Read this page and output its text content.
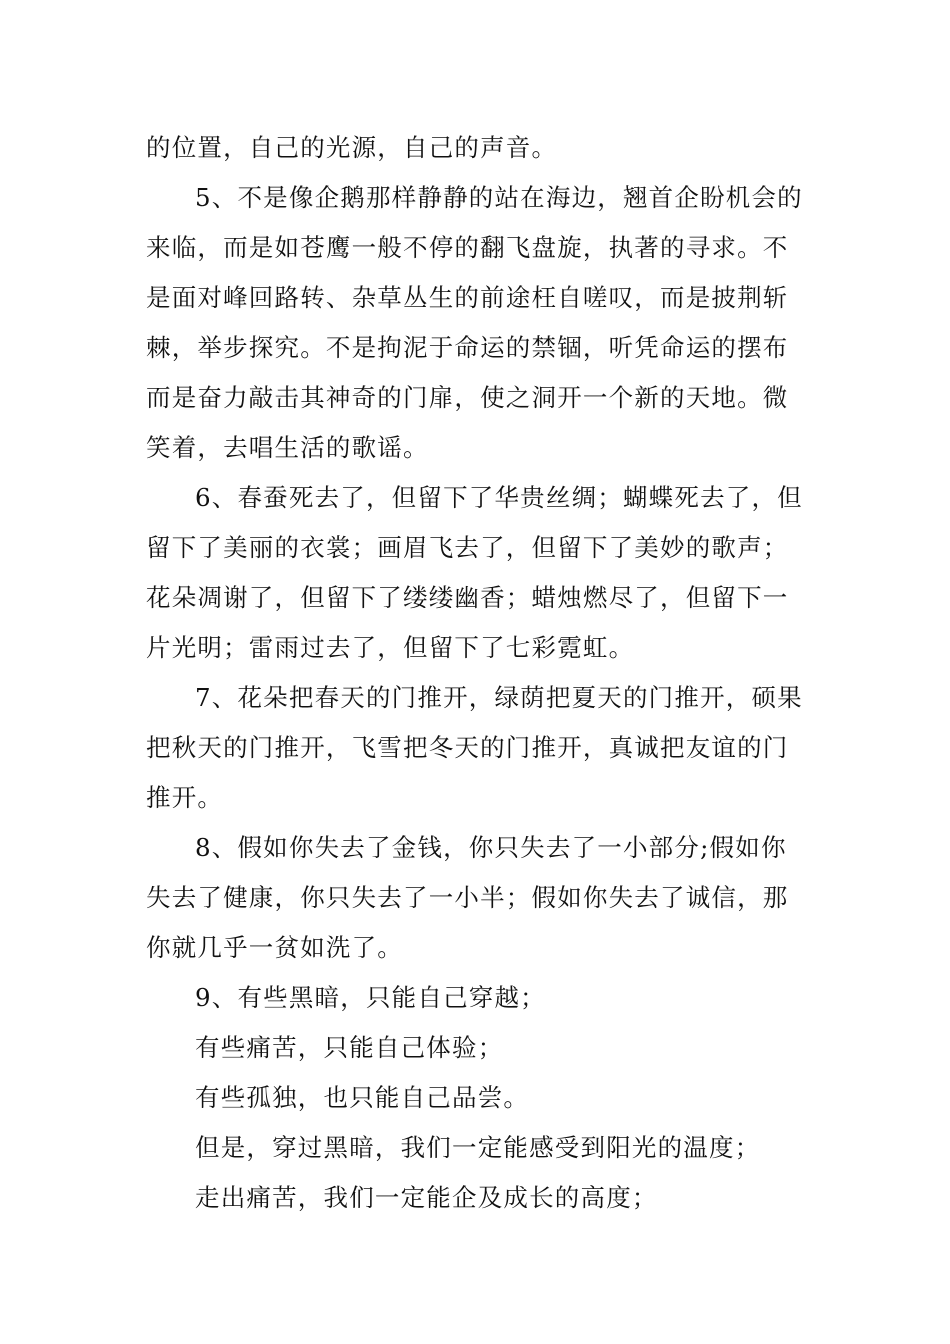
的位置，自己的光源，自己的声音。
5、不是像企鹅那样静静的站在海边，翘首企盼机会的
来临，而是如苍鹰一般不停的翻飞盘旋，执著的寻求。不
是面对峰回路转、杂草丛生的前途枉自嗟叹，而是披荆斩
棘，举步探究。不是拘泥于命运的禁锢，听凭命运的摆布
而是奋力敲击其神奇的门扉，使之洞开一个新的天地。微
笑着，去唱生活的歌谣。
6、春蚕死去了，但留下了华贵丝绸；蝴蝶死去了，但
留下了美丽的衣裳；画眉飞去了，但留下了美妙的歌声；
花朵凋谢了，但留下了缕缕幽香；蜡烛燃尽了，但留下一
片光明；雷雨过去了，但留下了七彩霓虹。
7、花朵把春天的门推开，绿荫把夏天的门推开，硕果
把秋天的门推开，飞雪把冬天的门推开，真诚把友谊的门
推开。
8、假如你失去了金钱，你只失去了一小部分;假如你
失去了健康，你只失去了一小半；假如你失去了诚信，那
你就几乎一贫如洗了。
9、有些黑暗，只能自己穿越；
有些痛苦，只能自己体验；
有些孤独，也只能自己品尝。
但是，穿过黑暗，我们一定能感受到阳光的温度；
走出痛苦，我们一定能企及成长的高度；
